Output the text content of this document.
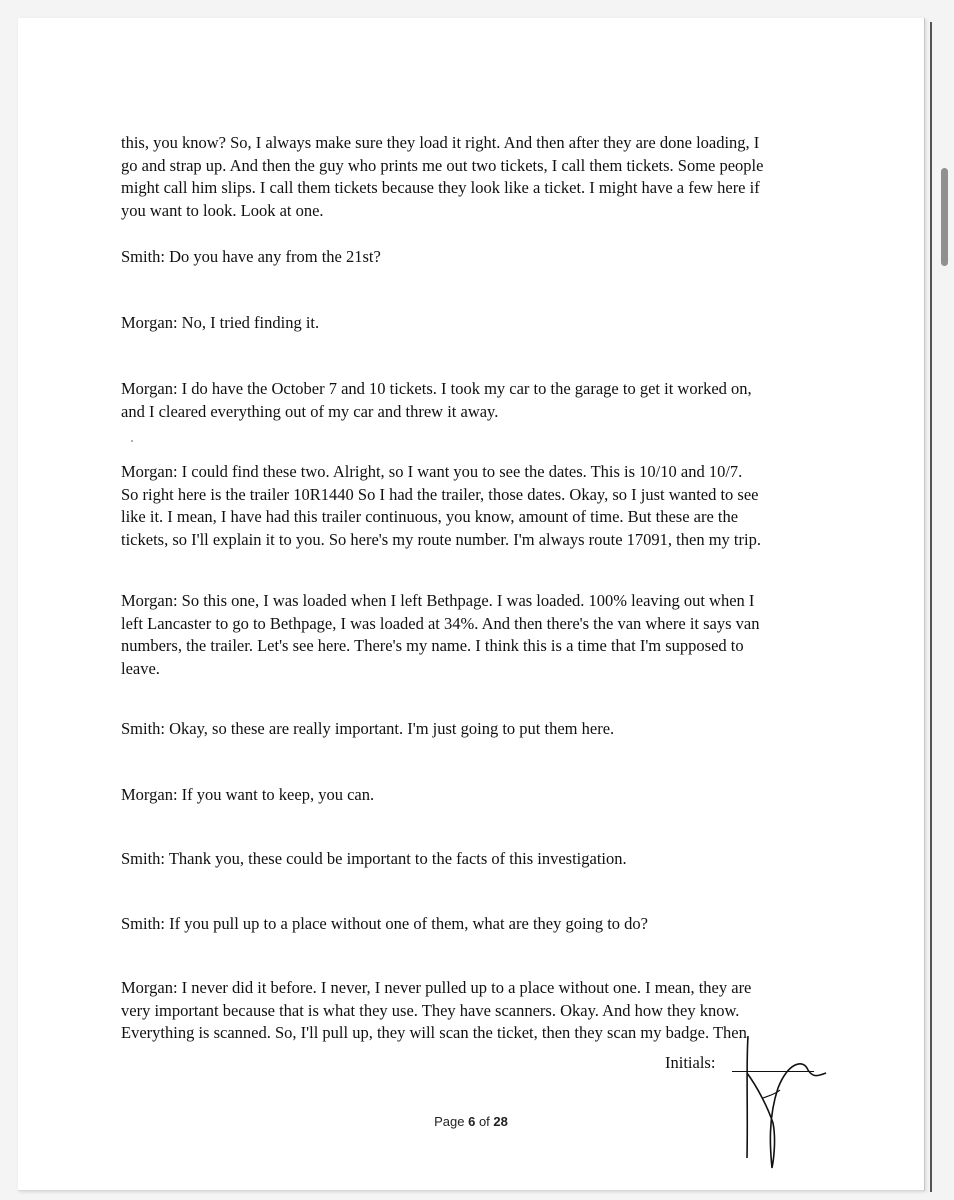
this, you know? So, I always make sure they load it right. And then after they are done loading, I
go and strap up. And then the guy who prints me out two tickets, I call them tickets. Some people
might call him slips. I call them tickets because they look like a ticket. I might have a few here if
you want to look. Look at one.

Smith: Do you have any from the 21st?

Morgan: No, I tried finding it.

Morgan: I do have the October 7 and 10 tickets. I took my car to the garage to get it worked on,
and I cleared everything out of my car and threw it away.

Morgan: I could find these two. Alright, so I want you to see the dates. This is 10/10 and 10/7.
So right here is the trailer 10R1440 So I had the trailer, those dates. Okay, so I just wanted to see
like it. I mean, I have had this trailer continuous, you know, amount of time. But these are the
tickets, so I'll explain it to you. So here's my route number. I'm always route 17091, then my trip.

Morgan: So this one, I was loaded when I left Bethpage. I was loaded. 100% leaving out when I
left Lancaster to go to Bethpage, I was loaded at 34%. And then there's the van where it says van
numbers, the trailer. Let's see here. There's my name. I think this is a time that I'm supposed to
leave.

Smith: Okay, so these are really important. I'm just going to put them here.

Morgan: If you want to keep, you can.

Smith: Thank you, these could be important to the facts of this investigation.

Smith: If you pull up to a place without one of them, what are they going to do?

Morgan: I never did it before. I never, I never pulled up to a place without one. I mean, they are
very important because that is what they use. They have scanners. Okay. And how they know.
Everything is scanned. So, I'll pull up, they will scan the ticket, then they scan my badge. Then

Initials:
Page 6 of 28
